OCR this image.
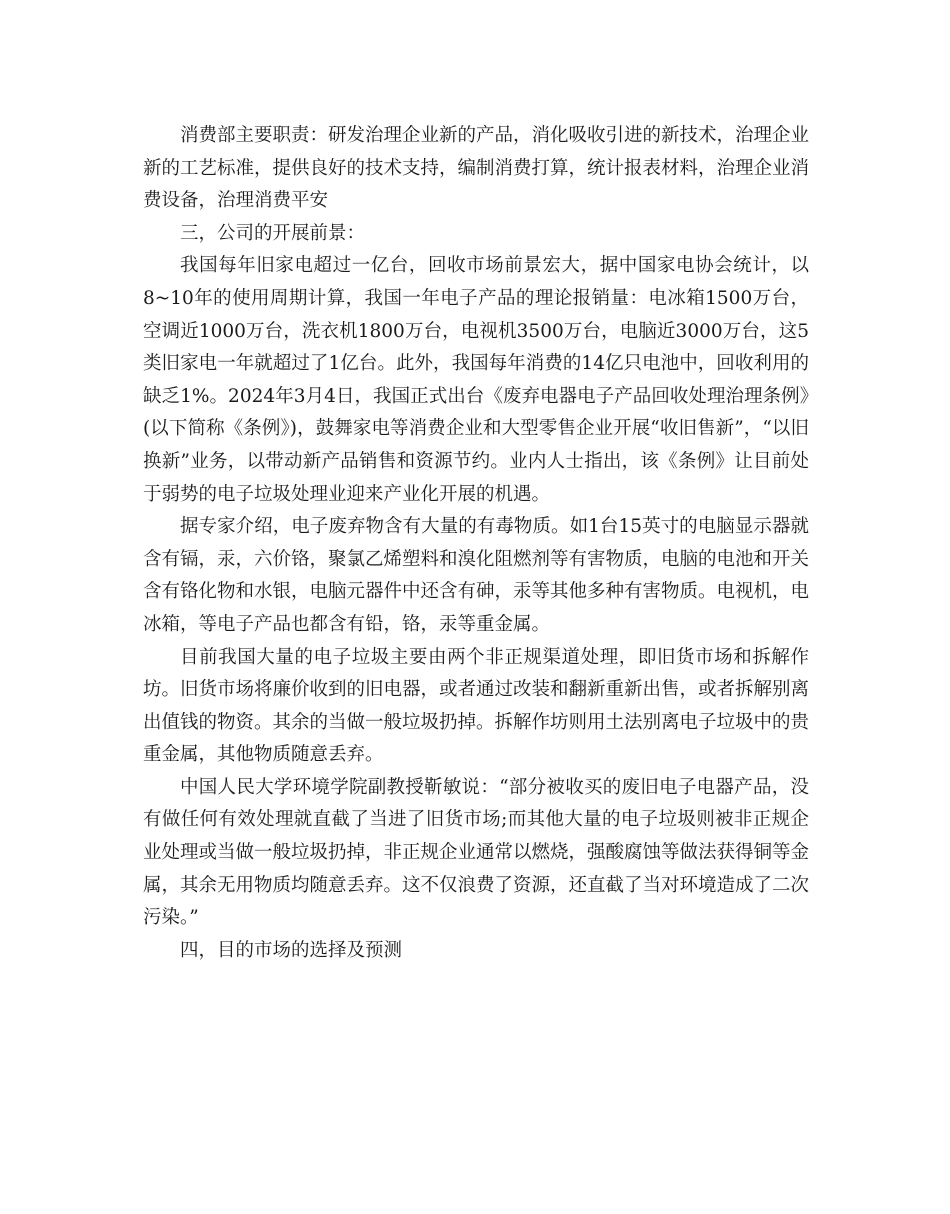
消费部主要职责：研发治理企业新的产品，消化吸收引进的新技术，治理企业新的工艺标准，提供良好的技术支持，编制消费打算，统计报表材料，治理企业消费设备，治理消费平安

三，公司的开展前景：

我国每年旧家电超过一亿台，回收市场前景宏大，据中国家电协会统计，以8~10年的使用周期计算，我国一年电子产品的理论报销量：电冰箱1500万台，空调近1000万台，洗衣机1800万台，电视机3500万台，电脑近3000万台，这5类旧家电一年就超过了1亿台。此外，我国每年消费的14亿只电池中，回收利用的缺乏1%。2024年3月4日，我国正式出台《废弃电器电子产品回收处理治理条例》(以下简称《条例》)，鼓舞家电等消费企业和大型零售企业开展“收旧售新”，“以旧换新”业务，以带动新产品销售和资源节约。业内人士指出，该《条例》让目前处于弱势的电子垃圾处理业迎来产业化开展的机遇。

据专家介绍，电子废弃物含有大量的有毒物质。如1台15英寸的电脑显示器就含有镉，汞，六价铬，聚氯乙烯塑料和溴化阻燃剂等有害物质，电脑的电池和开关含有铬化物和水银，电脑元器件中还含有砷，汞等其他多种有害物质。电视机，电冰箱，等电子产品也都含有铅，铬，汞等重金属。

目前我国大量的电子垃圾主要由两个非正规渠道处理，即旧货市场和拆解作坊。旧货市场将廉价收到的旧电器，或者通过改装和翻新重新出售，或者拆解别离出值钱的物资。其余的当做一般垃圾扔掉。拆解作坊则用土法别离电子垃圾中的贵重金属，其他物质随意丢弃。

中国人民大学环境学院副教授靳敏说：“部分被收买的废旧电子电器产品，没有做任何有效处理就直截了当进了旧货市场;而其他大量的电子垃圾则被非正规企业处理或当做一般垃圾扔掉，非正规企业通常以燃烧，强酸腐蚀等做法获得铜等金属，其余无用物质均随意丢弃。这不仅浪费了资源，还直截了当对环境造成了二次污染。”

四，目的市场的选择及预测
